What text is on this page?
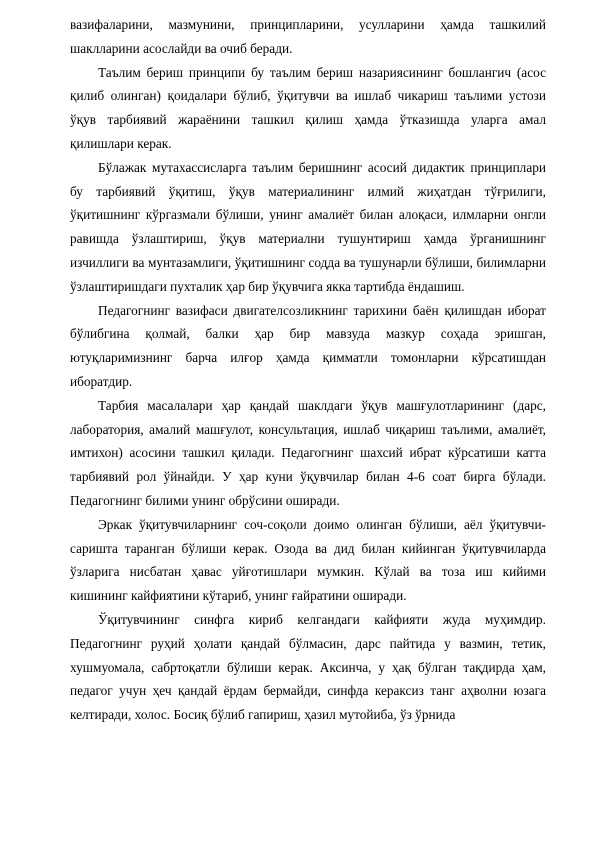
вазифаларини, мазмунини, принципларини, усулларини ҳамда ташкилий шаклларини асослайди ва очиб беради.

Таълим бериш принципи бу таълим бериш назариясининг бошлангич (асос қилиб олинган) қоидалари бўлиб, ўқитувчи ва ишлаб чикариш таълими устози ўқув тарбиявий жараёнини ташкил қилиш ҳамда ўтказишда уларга амал қилишлари керак.

Бўлажак мутахассисларга таълим беришнинг асосий дидактик принциплари бу тарбиявий ўқитиш, ўқув материалининг илмий жиҳатдан тўғрилиги, ўқитишнинг кўргазмали бўлиши, унинг амалиёт билан алоқаси, илмларни онгли равишда ўзлаштириш, ўқув материални тушунтириш ҳамда ўрганишнинг изчиллиги ва мунтазамлиги, ўқитишнинг содда ва тушунарли бўлиши, билимларни ўзлаштиришдаги пухталик ҳар бир ўқувчига якка тартибда ёндашиш.

Педагогнинг вазифаси двигателсозликнинг тарихини баён қилишдан иборат бўлибгина қолмай, балки ҳар бир мавзуда мазкур соҳада эришган, ютуқларимизнинг барча илғор ҳамда қимматли томонларни кўрсатишдан иборатдир.

Тарбия масалалари ҳар қандай шаклдаги ўқув машғулотларининг (дарс, лаборатория, амалий машғулот, консультация, ишлаб чиқариш таълими, амалиёт, имтихон) асосини ташкил қилади. Педагогнинг шахсий ибрат кўрсатиши катта тарбиявий рол ўйнайди. У ҳар куни ўқувчилар билан 4-6 соат бирга бўлади. Педагогнинг билими унинг обрўсини оширади.

Эркак ўқитувчиларнинг соч-соқоли доимо олинган бўлиши, аёл ўқитувчи-саришта таранган бўлиши керак. Озода ва дид билан кийинган ўқитувчиларда ўзларига нисбатан ҳавас уйғотишлари мумкин. Кўлай ва тоза иш кийими кишининг кайфиятини кўтариб, унинг ғайратини оширади.

Ўқитувчининг синфга кириб келгандаги кайфияти жуда муҳимдир. Педагогнинг руҳий ҳолати қандай бўлмасин, дарс пайтида у вазмин, тетик, хушмуомала, сабртоқатли бўлиши керак. Аксинча, у ҳақ бўлган тақдирда ҳам, педагог учун ҳеч қандай ёрдам бермайди, синфда кераксиз танг аҳволни юзага келтиради, холос. Босиқ бўлиб гапириш, ҳазил мутойиба, ўз ўрнида
